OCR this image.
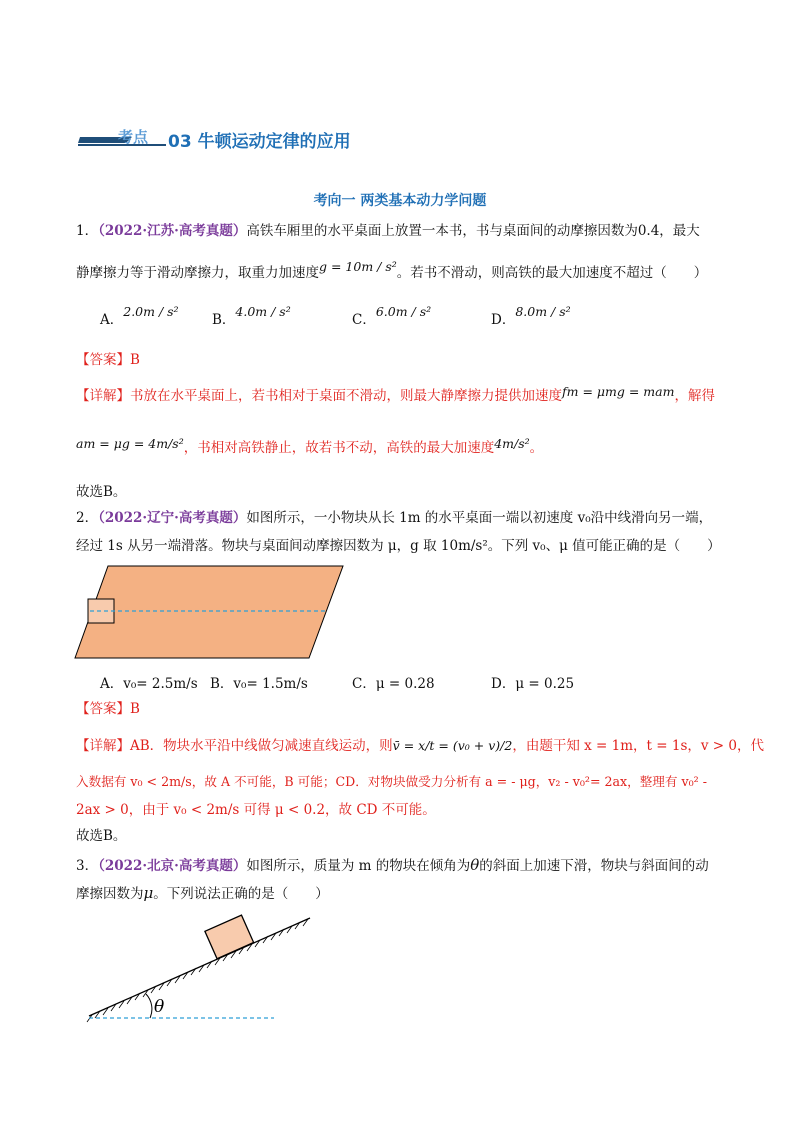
考点 03 牛顿运动定律的应用
考向一 两类基本动力学问题
1．（2022·江苏·高考真题）高铁车厢里的水平桌面上放置一本书，书与桌面间的动摩擦因数为0.4，最大
静摩擦力等于滑动摩擦力，取重力加速度g = 10m / s²。若书不滑动，则高铁的最大加速度不超过（　　）
A．2.0m / s²
B．4.0m / s²
C．6.0m / s²
D．8.0m / s²
【答案】B
【详解】书放在水平桌面上，若书相对于桌面不滑动，则最大静摩擦力提供加速度fm = μmg = mam，解得
am = μg = 4m/s²，书相对高铁静止，故若书不动，高铁的最大加速度4m/s²。
故选B。
2．（2022·辽宁·高考真题）如图所示，一小物块从长 1m 的水平桌面一端以初速度 v₀沿中线滑向另一端，
经过 1s 从另一端滑落。物块与桌面间动摩擦因数为 μ，g 取 10m/s²。下列 v₀、μ 值可能正确的是（　　）
A．v₀= 2.5m/s B．v₀= 1.5m/s	C．μ = 0.28	D．μ = 0.25
【答案】B
【详解】AB．物块水平沿中线做匀减速直线运动，则v̄ = x/t = (v₀ + v)/2，由题干知 x = 1m，t = 1s，v > 0，代
入数据有 v₀ < 2m/s，故 A 不可能，B 可能；CD．对物块做受力分析有 a = - μg，v₂ - v₀²= 2ax，整理有 v₀² -
2ax > 0，由于 v₀ < 2m/s 可得 μ < 0.2，故 CD 不可能。
故选B。
3．（2022·北京·高考真题）如图所示，质量为 m 的物块在倾角为θ的斜面上加速下滑，物块与斜面间的动
摩擦因数为μ。下列说法正确的是（　　）
θ
